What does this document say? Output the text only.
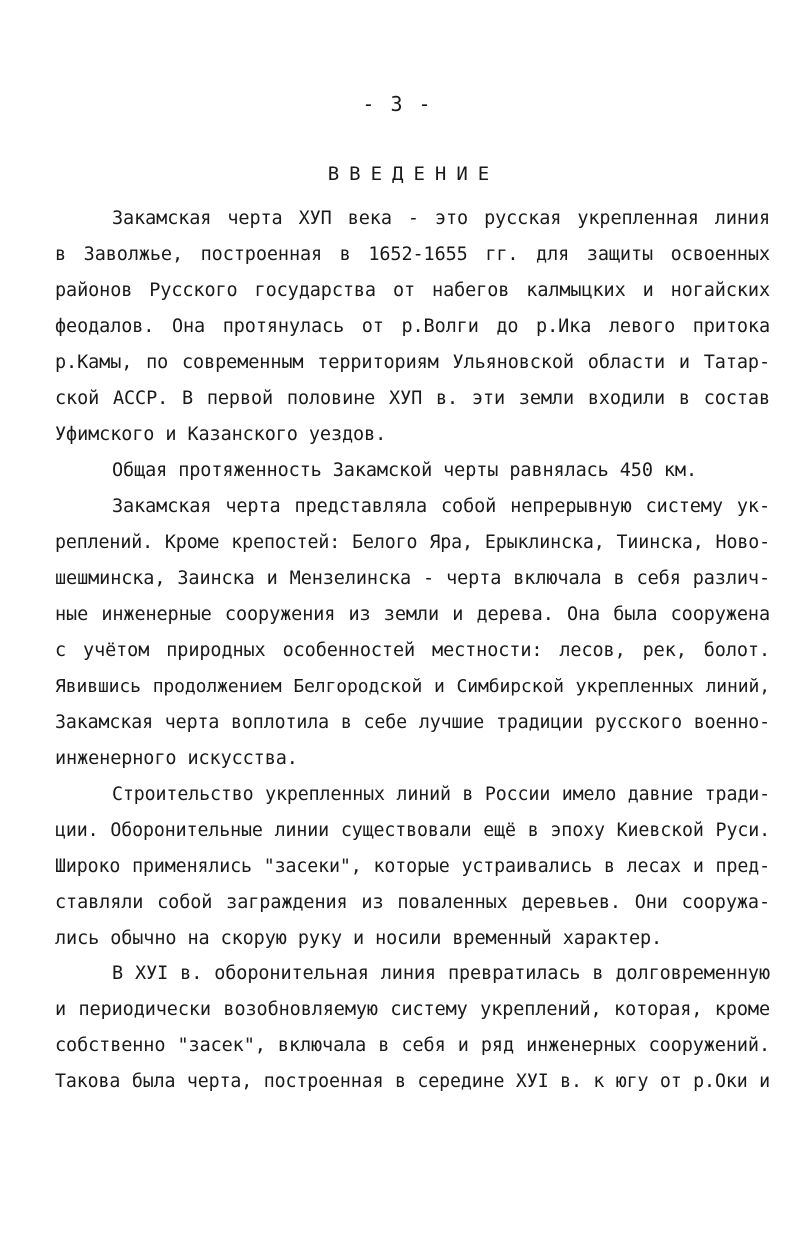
- 3 -
ВВЕДЕНИЕ
Закамская черта ХУП века - это русская укрепленная линия
в Заволжье, построенная в 1652-1655 гг. для защиты освоенных
районов Русского государства от набегов калмыцких и ногайских
феодалов. Она протянулась от р.Волги до р.Ика левого притока
р.Камы, по современным территориям Ульяновской области и Татар-
ской АССР. В первой половине ХУП в. эти земли входили в состав
Уфимского и Казанского уездов.
Общая протяженность Закамской черты равнялась 450 км.
Закамская черта представляла собой непрерывную систему ук-
реплений. Кроме крепостей: Белого Яра, Ерыклинска, Тиинска, Ново-
шешминска, Заинска и Мензелинска - черта включала в себя различ-
ные инженерные сооружения из земли и дерева. Она была сооружена
с учётом природных особенностей местности: лесов, рек, болот.
Явившись продолжением Белгородской и Симбирской укрепленных линий,
Закамская черта воплотила в себе лучшие традиции русского военно-
инженерного искусства.
Строительство укрепленных линий в России имело давние тради-
ции. Оборонительные линии существовали ещё в эпоху Киевской Руси.
Широко применялись "засеки", которые устраивались в лесах и пред-
ставляли собой заграждения из поваленных деревьев. Они сооружа-
лись обычно на скорую руку и носили временный характер.
В ХУI в. оборонительная линия превратилась в долговременную
и периодически возобновляемую систему укреплений, которая, кроме
собственно "засек", включала в себя и ряд инженерных сооружений.
Такова была черта, построенная в середине ХУI в. к югу от р.Оки и
